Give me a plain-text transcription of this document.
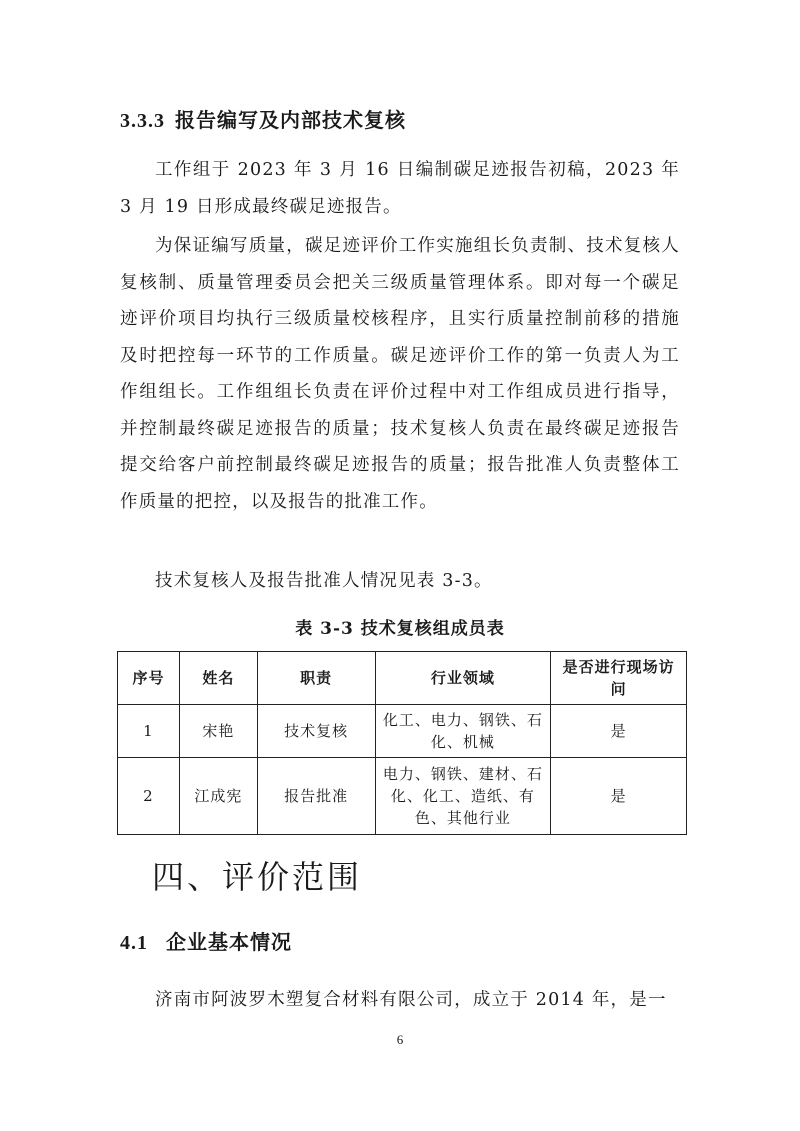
3.3.3 报告编写及内部技术复核
工作组于 2023 年 3 月 16 日编制碳足迹报告初稿，2023 年 3 月 19 日形成最终碳足迹报告。
为保证编写质量，碳足迹评价工作实施组长负责制、技术复核人复核制、质量管理委员会把关三级质量管理体系。即对每一个碳足迹评价项目均执行三级质量校核程序，且实行质量控制前移的措施及时把控每一环节的工作质量。碳足迹评价工作的第一负责人为工作组组长。工作组组长负责在评价过程中对工作组成员进行指导，并控制最终碳足迹报告的质量；技术复核人负责在最终碳足迹报告提交给客户前控制最终碳足迹报告的质量；报告批准人负责整体工作质量的把控，以及报告的批准工作。
技术复核人及报告批准人情况见表 3-3。
表 3-3 技术复核组成员表
序号	姓名	职责	行业领域	是否进行现场访问
1	宋艳	技术复核	化工、电力、钢铁、石化、机械	是
2	江成宪	报告批准	电力、钢铁、建材、石化、化工、造纸、有色、其他行业	是
四、评价范围
4.1 企业基本情况
济南市阿波罗木塑复合材料有限公司，成立于 2014 年，是一
6
